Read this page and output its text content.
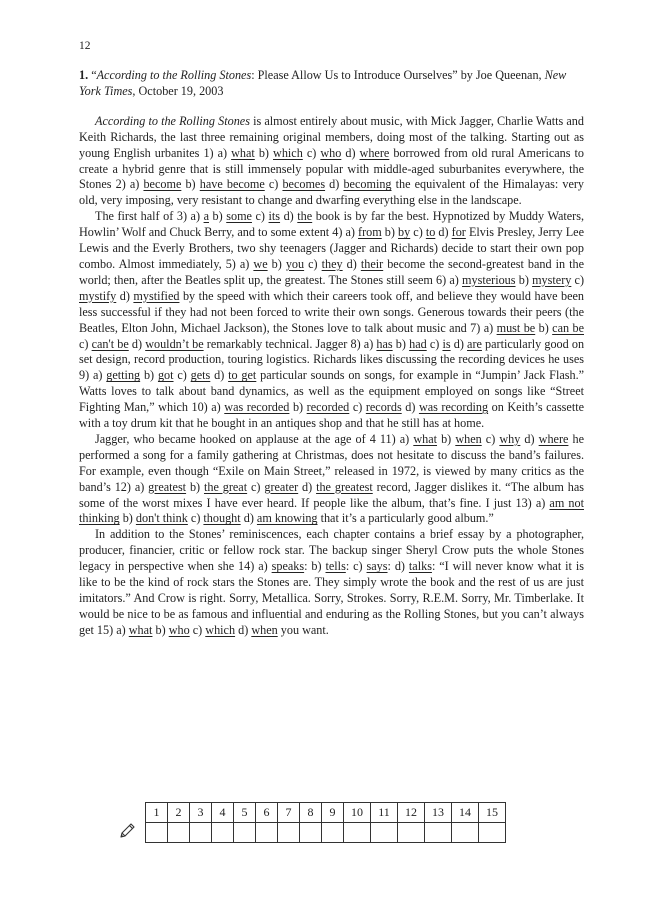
12

1. “According to the Rolling Stones: Please Allow Us to Introduce Ourselves” by Joe Queenan, New York Times, October 19, 2003

According to the Rolling Stones is almost entirely about music, with Mick Jagger, Charlie Watts and Keith Richards, the last three remaining original members, doing most of the talking. Starting out as young English urbanites 1) a) what b) which c) who d) where borrowed from old rural Americans to create a hybrid genre that is still immensely popular with middle-aged suburbanites everywhere, the Stones 2) a) become b) have become c) becomes d) becoming the equivalent of the Himalayas: very old, very imposing, very resistant to change and dwarfing everything else in the landscape.

The first half of 3) a) a b) some c) its d) the book is by far the best. Hypnotized by Muddy Waters, Howlin’ Wolf and Chuck Berry, and to some extent 4) a) from b) by c) to d) for Elvis Presley, Jerry Lee Lewis and the Everly Brothers, two shy teenagers (Jagger and Richards) decide to start their own pop combo. Almost immediately, 5) a) we b) you c) they d) their become the second-greatest band in the world; then, after the Beatles split up, the greatest. The Stones still seem 6) a) mysterious b) mystery c) mystify d) mystified by the speed with which their careers took off, and believe they would have been less successful if they had not been forced to write their own songs. Generous towards their peers (the Beatles, Elton John, Michael Jackson), the Stones love to talk about music and 7) a) must be b) can be c) can't be d) wouldn’t be remarkably technical. Jagger 8) a) has b) had c) is d) are particularly good on set design, record production, touring logistics. Richards likes discussing the recording devices he uses 9) a) getting b) got c) gets d) to get particular sounds on songs, for example in “Jumpin’ Jack Flash.” Watts loves to talk about band dynamics, as well as the equipment employed on songs like “Street Fighting Man,” which 10) a) was recorded b) recorded c) records d) was recording on Keith’s cassette with a toy drum kit that he bought in an antiques shop and that he still has at home.

Jagger, who became hooked on applause at the age of 4 11) a) what b) when c) why d) where he performed a song for a family gathering at Christmas, does not hesitate to discuss the band’s failures. For example, even though “Exile on Main Street,” released in 1972, is viewed by many critics as the band’s 12) a) greatest b) the great c) greater d) the greatest record, Jagger dislikes it. “The album has some of the worst mixes I have ever heard. If people like the album, that’s fine. I just 13) a) am not thinking b) don't think c) thought d) am knowing that it’s a particularly good album.”

In addition to the Stones’ reminiscences, each chapter contains a brief essay by a photographer, producer, financier, critic or fellow rock star. The backup singer Sheryl Crow puts the whole Stones legacy in perspective when she 14) a) speaks: b) tells: c) says: d) talks: “I will never know what it is like to be the kind of rock stars the Stones are. They simply wrote the book and the rest of us are just imitators.” And Crow is right. Sorry, Metallica. Sorry, Strokes. Sorry, R.E.M. Sorry, Mr. Timberlake. It would be nice to be as famous and influential and enduring as the Rolling Stones, but you can’t always get 15) a) what b) who c) which d) when you want.

1	2	3	4	5	6	7	8	9	10	11	12	13	14	15
